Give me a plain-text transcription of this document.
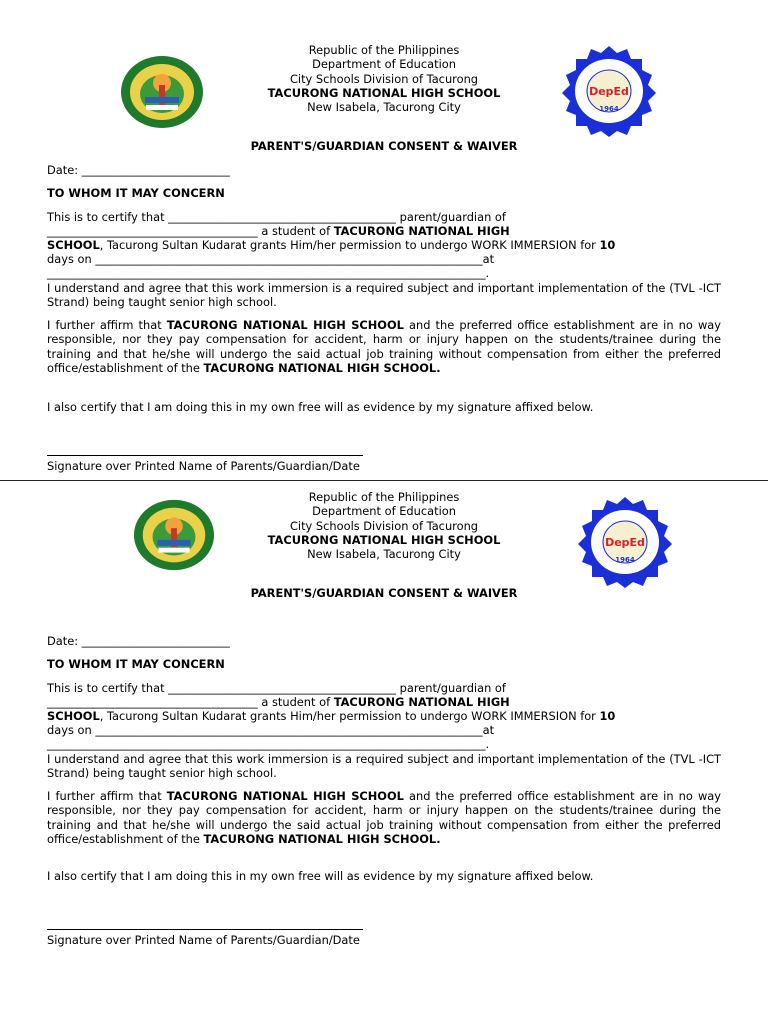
Republic of the Philippines
Department of Education
City Schools Division of Tacurong
TACURONG NATIONAL HIGH SCHOOL
New Isabela, Tacurong City
DepEd
1964
PARENT'S/GUARDIAN CONSENT & WAIVER
Date: __________________________
TO WHOM IT MAY CONCERN
This is to certify that ________________________________________ parent/guardian of
_____________________________________ a student of TACURONG NATIONAL HIGH
SCHOOL, Tacurong Sultan Kudarat grants Him/her permission to undergo WORK IMMERSION for 10
days on ____________________________________________________________________at
_____________________________________________________________________________.
I understand and agree that this work immersion is a required subject and important implementation of the (TVL -ICT Strand) being taught senior high school.
I further affirm that TACURONG NATIONAL HIGH SCHOOL and the preferred office establishment are in no way responsible, nor they pay compensation for accident, harm or injury happen on the students/trainee during the training and that he/she will undergo the said actual job training without compensation from either the preferred office/establishment of the TACURONG NATIONAL HIGH SCHOOL.
I also certify that I am doing this in my own free will as evidence by my signature affixed below.
Signature over Printed Name of Parents/Guardian/Date
Republic of the Philippines
Department of Education
City Schools Division of Tacurong
TACURONG NATIONAL HIGH SCHOOL
New Isabela, Tacurong City
DepEd
1964
PARENT'S/GUARDIAN CONSENT & WAIVER
Date: __________________________
TO WHOM IT MAY CONCERN
This is to certify that ________________________________________ parent/guardian of
_____________________________________ a student of TACURONG NATIONAL HIGH
SCHOOL, Tacurong Sultan Kudarat grants Him/her permission to undergo WORK IMMERSION for 10
days on ____________________________________________________________________at
_____________________________________________________________________________.
I understand and agree that this work immersion is a required subject and important implementation of the (TVL -ICT Strand) being taught senior high school.
I further affirm that TACURONG NATIONAL HIGH SCHOOL and the preferred office establishment are in no way responsible, nor they pay compensation for accident, harm or injury happen on the students/trainee during the training and that he/she will undergo the said actual job training without compensation from either the preferred office/establishment of the TACURONG NATIONAL HIGH SCHOOL.
I also certify that I am doing this in my own free will as evidence by my signature affixed below.
Signature over Printed Name of Parents/Guardian/Date
